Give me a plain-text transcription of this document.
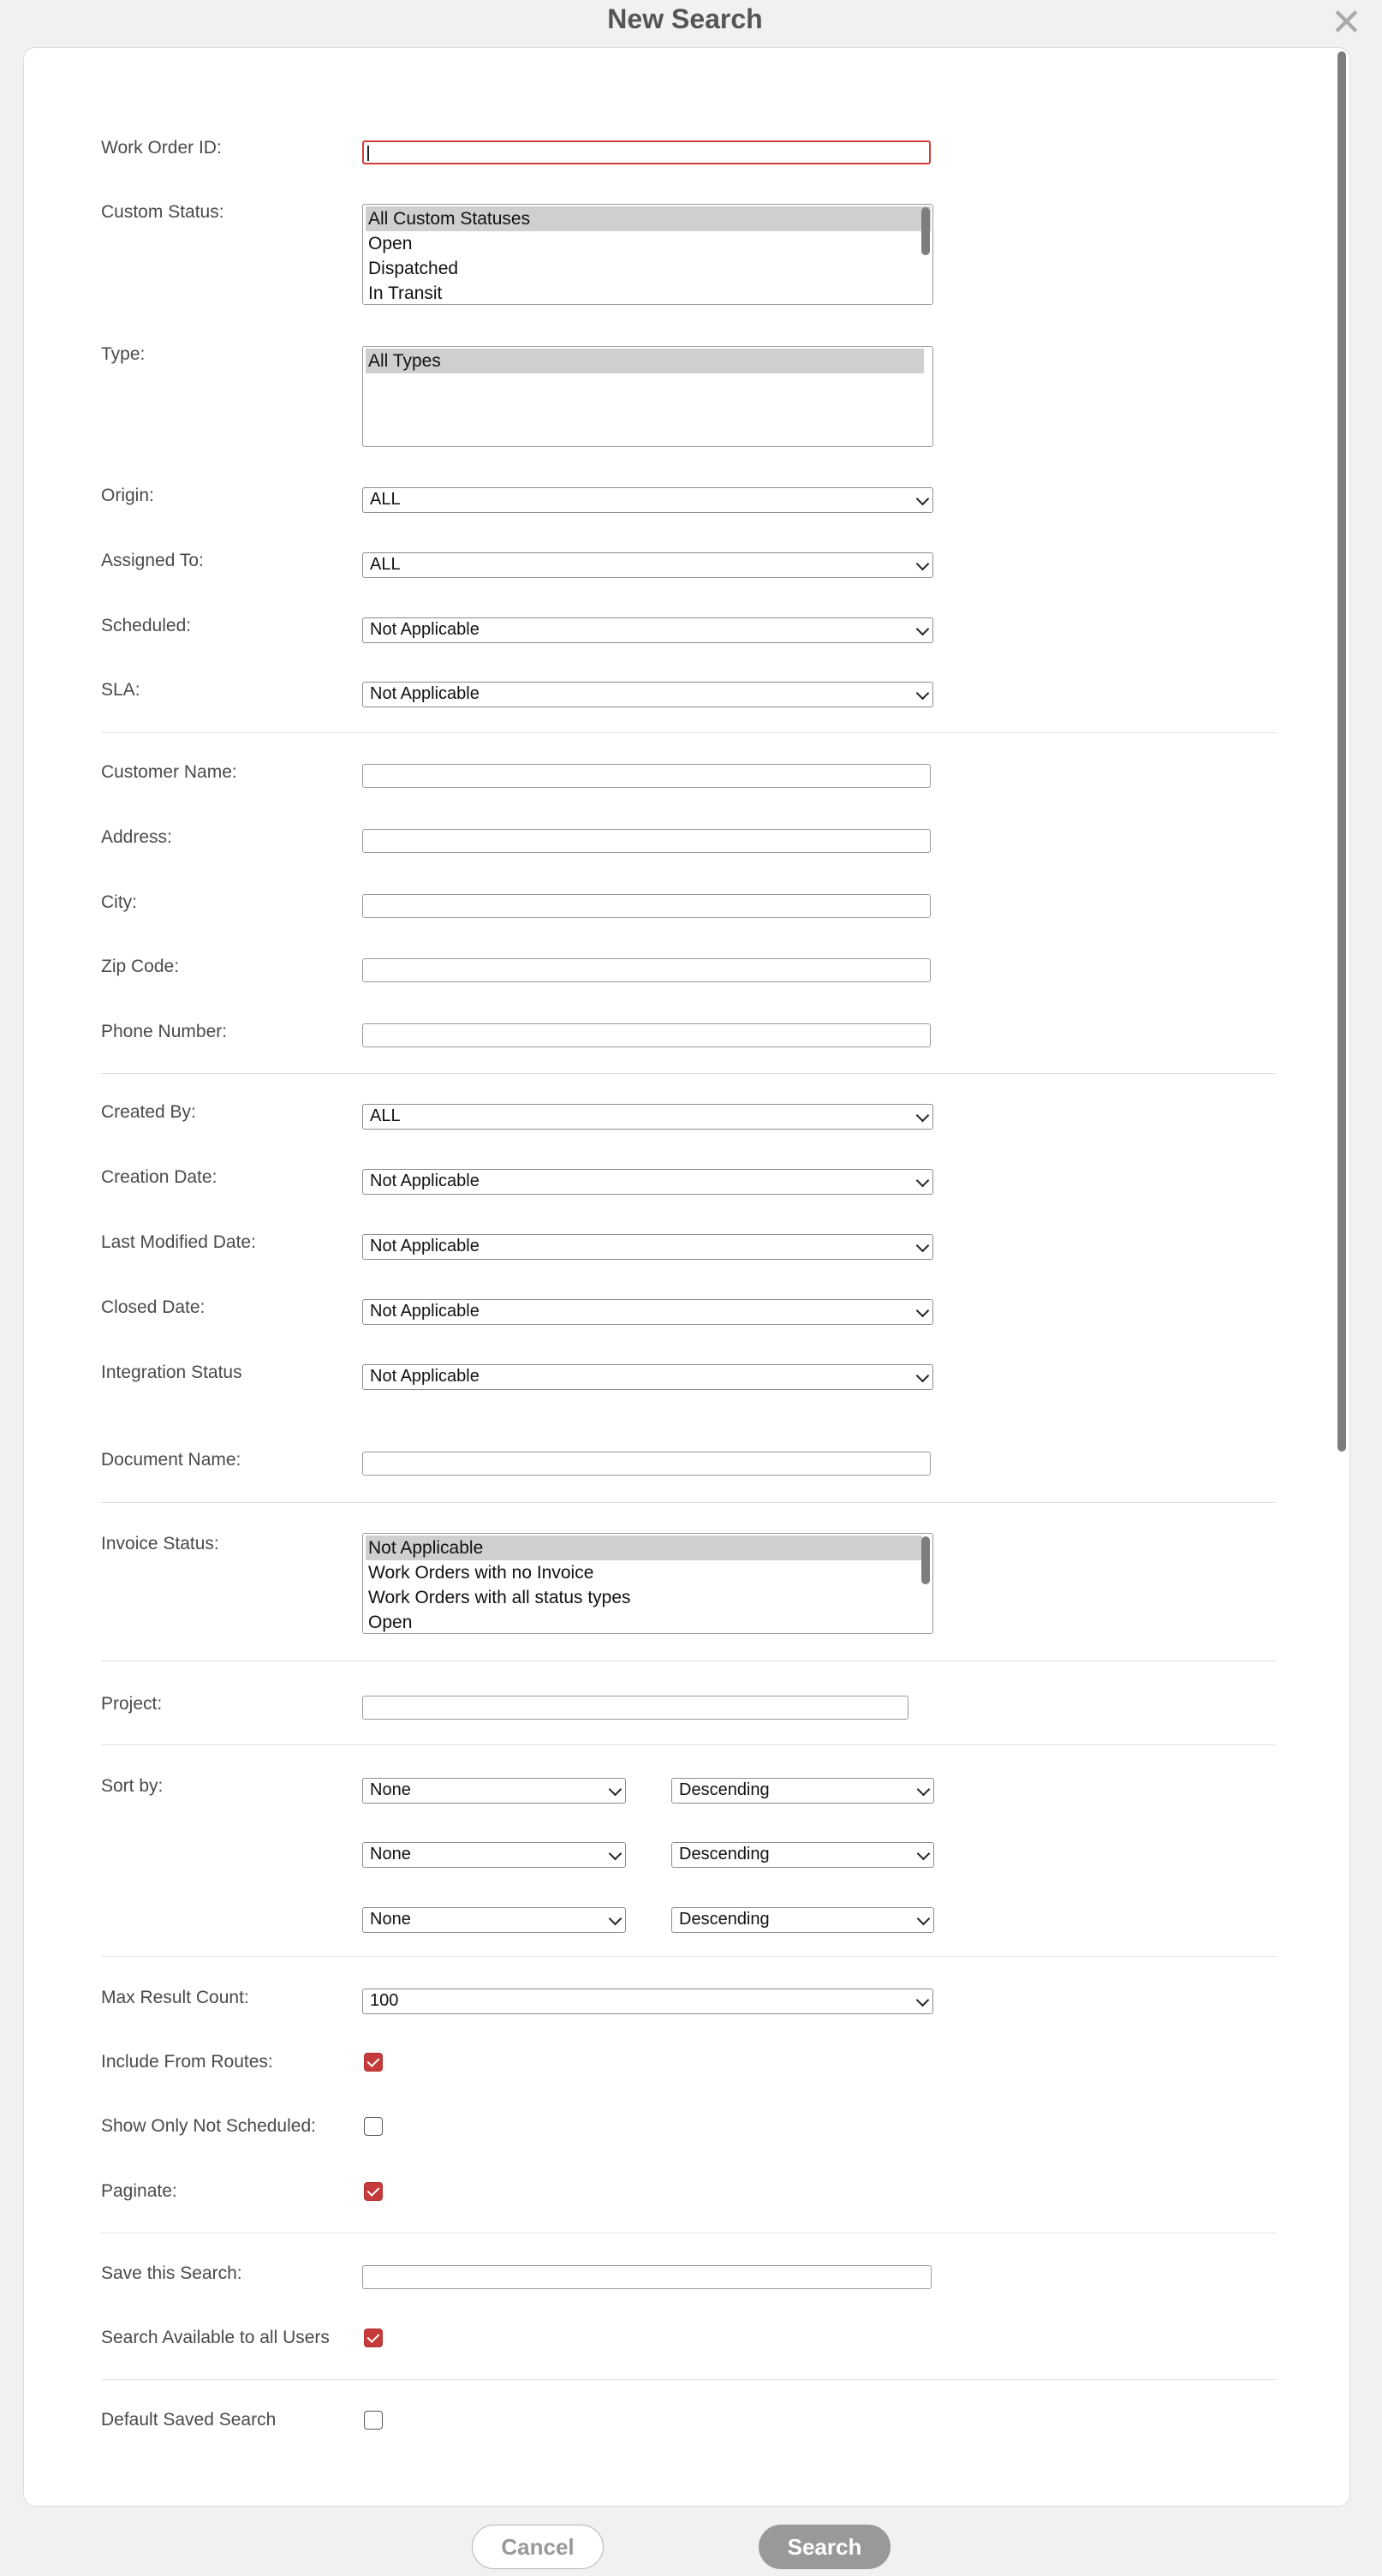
New Search	✕
Work Order ID:
Custom Status:	All Custom Statuses
Open
Dispatched
In Transit
Type:	All Types
Origin:	ALL
Assigned To:	ALL
Scheduled:	Not Applicable
SLA:	Not Applicable
Customer Name:
Address:
City:
Zip Code:
Phone Number:
Created By:	ALL
Creation Date:	Not Applicable
Last Modified Date:	Not Applicable
Closed Date:	Not Applicable
Integration Status	Not Applicable
Document Name:
Invoice Status:	Not Applicable
Work Orders with no Invoice
Work Orders with all status types
Open
Project:
Sort by:	None	Descending
None	Descending
None	Descending
Max Result Count:	100
Include From Routes:
Show Only Not Scheduled:
Paginate:
Save this Search:
Search Available to all Users
Default Saved Search
Cancel	Search
